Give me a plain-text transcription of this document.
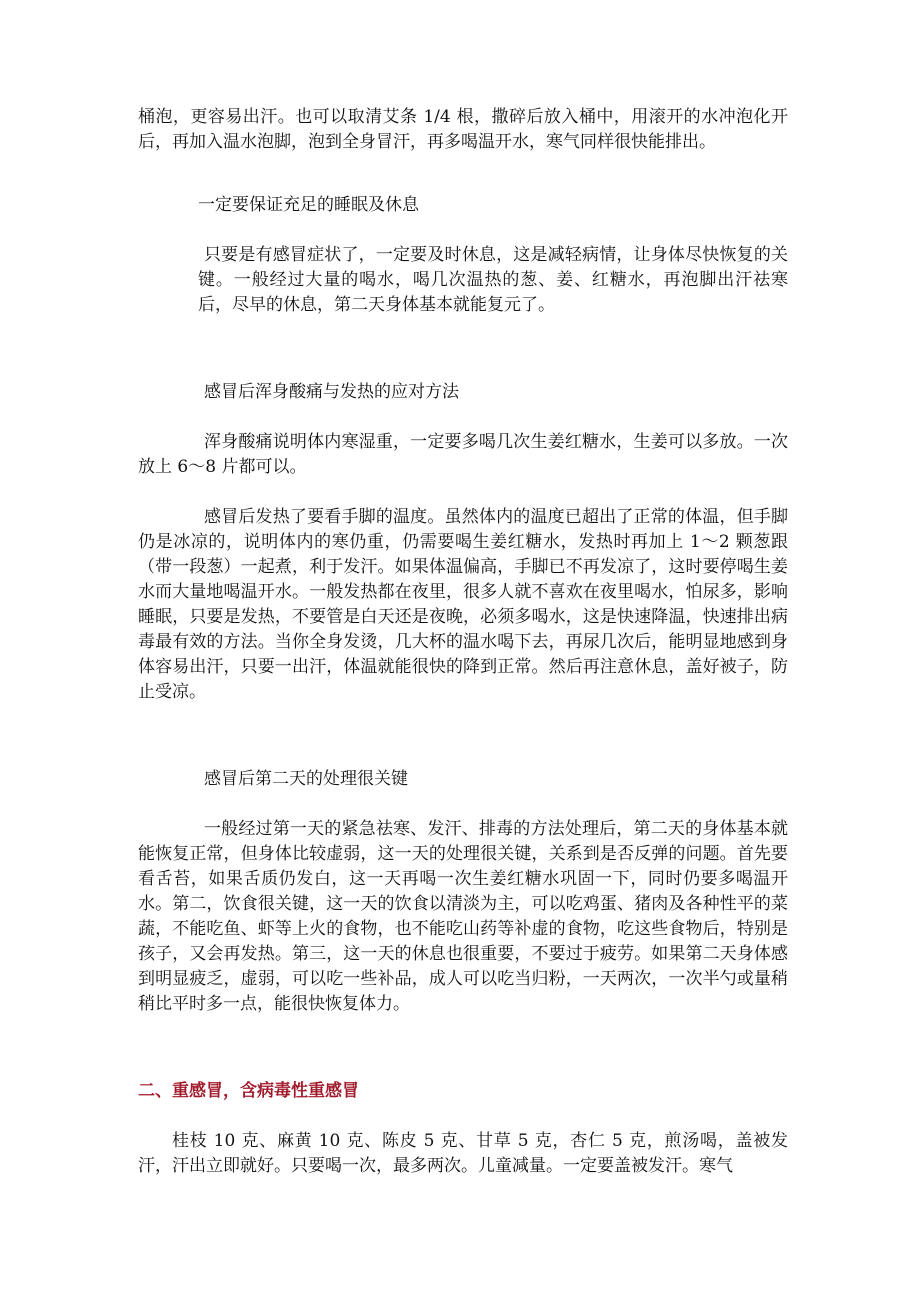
桶泡，更容易出汗。也可以取清艾条 1/4 根，撒碎后放入桶中，用滚开的水冲泡化开后，再加入温水泡脚，泡到全身冒汗，再多喝温开水，寒气同样很快能排出。

一定要保证充足的睡眠及休息

只要是有感冒症状了，一定要及时休息，这是减轻病情，让身体尽快恢复的关键。一般经过大量的喝水，喝几次温热的葱、姜、红糖水，再泡脚出汗祛寒后，尽早的休息，第二天身体基本就能复元了。

感冒后浑身酸痛与发热的应对方法

浑身酸痛说明体内寒湿重，一定要多喝几次生姜红糖水，生姜可以多放。一次放上 6～8 片都可以。

感冒后发热了要看手脚的温度。虽然体内的温度已超出了正常的体温，但手脚仍是冰凉的，说明体内的寒仍重，仍需要喝生姜红糖水，发热时再加上 1～2 颗葱跟（带一段葱）一起煮，利于发汗。如果体温偏高，手脚已不再发凉了，这时要停喝生姜水而大量地喝温开水。一般发热都在夜里，很多人就不喜欢在夜里喝水，怕尿多，影响睡眠，只要是发热，不要管是白天还是夜晚，必须多喝水，这是快速降温，快速排出病毒最有效的方法。当你全身发烫，几大杯的温水喝下去，再尿几次后，能明显地感到身体容易出汗，只要一出汗，体温就能很快的降到正常。然后再注意休息，盖好被子，防止受凉。

感冒后第二天的处理很关键

一般经过第一天的紧急祛寒、发汗、排毒的方法处理后，第二天的身体基本就能恢复正常，但身体比较虚弱，这一天的处理很关键，关系到是否反弹的问题。首先要看舌苔，如果舌质仍发白，这一天再喝一次生姜红糖水巩固一下，同时仍要多喝温开水。第二，饮食很关键，这一天的饮食以清淡为主，可以吃鸡蛋、猪肉及各种性平的菜蔬，不能吃鱼、虾等上火的食物，也不能吃山药等补虚的食物，吃这些食物后，特别是孩子，又会再发热。第三，这一天的休息也很重要，不要过于疲劳。如果第二天身体感到明显疲乏，虚弱，可以吃一些补品，成人可以吃当归粉，一天两次，一次半勺或量稍稍比平时多一点，能很快恢复体力。

二、重感冒，含病毒性重感冒

桂枝 10 克、麻黄 10 克、陈皮 5 克、甘草 5 克，杏仁 5 克，煎汤喝，盖被发汗，汗出立即就好。只要喝一次，最多两次。儿童减量。一定要盖被发汗。寒气
